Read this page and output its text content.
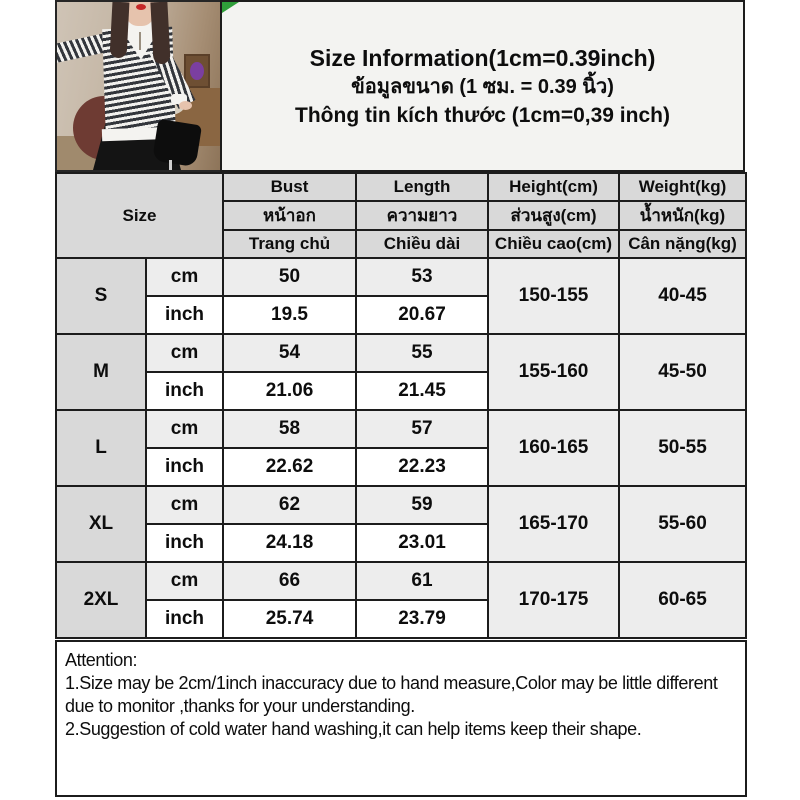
Size Information(1cm=0.39inch)
ข้อมูลขนาด (1 ซม. = 0.39 นิ้ว)
Thông tin kích thước (1cm=0,39 inch)
Size		Bust	Length	Height(cm)	Weight(kg)
		หน้าอก	ความยาว	ส่วนสูง(cm)	น้ำหนัก(kg)
		Trang chủ	Chiều dài	Chiều cao(cm)	Cân nặng(kg)
S	cm	50	53	150-155	40-45
	inch	19.5	20.67		
M	cm	54	55	155-160	45-50
	inch	21.06	21.45		
L	cm	58	57	160-165	50-55
	inch	22.62	22.23		
XL	cm	62	59	165-170	55-60
	inch	24.18	23.01		
2XL	cm	66	61	170-175	60-65
	inch	25.74	23.79		
Attention:
1.Size may be 2cm/1inch inaccuracy due to hand measure,Color may be little different due to monitor ,thanks for your understanding.
2.Suggestion of cold water hand washing,it can help items keep their shape.
